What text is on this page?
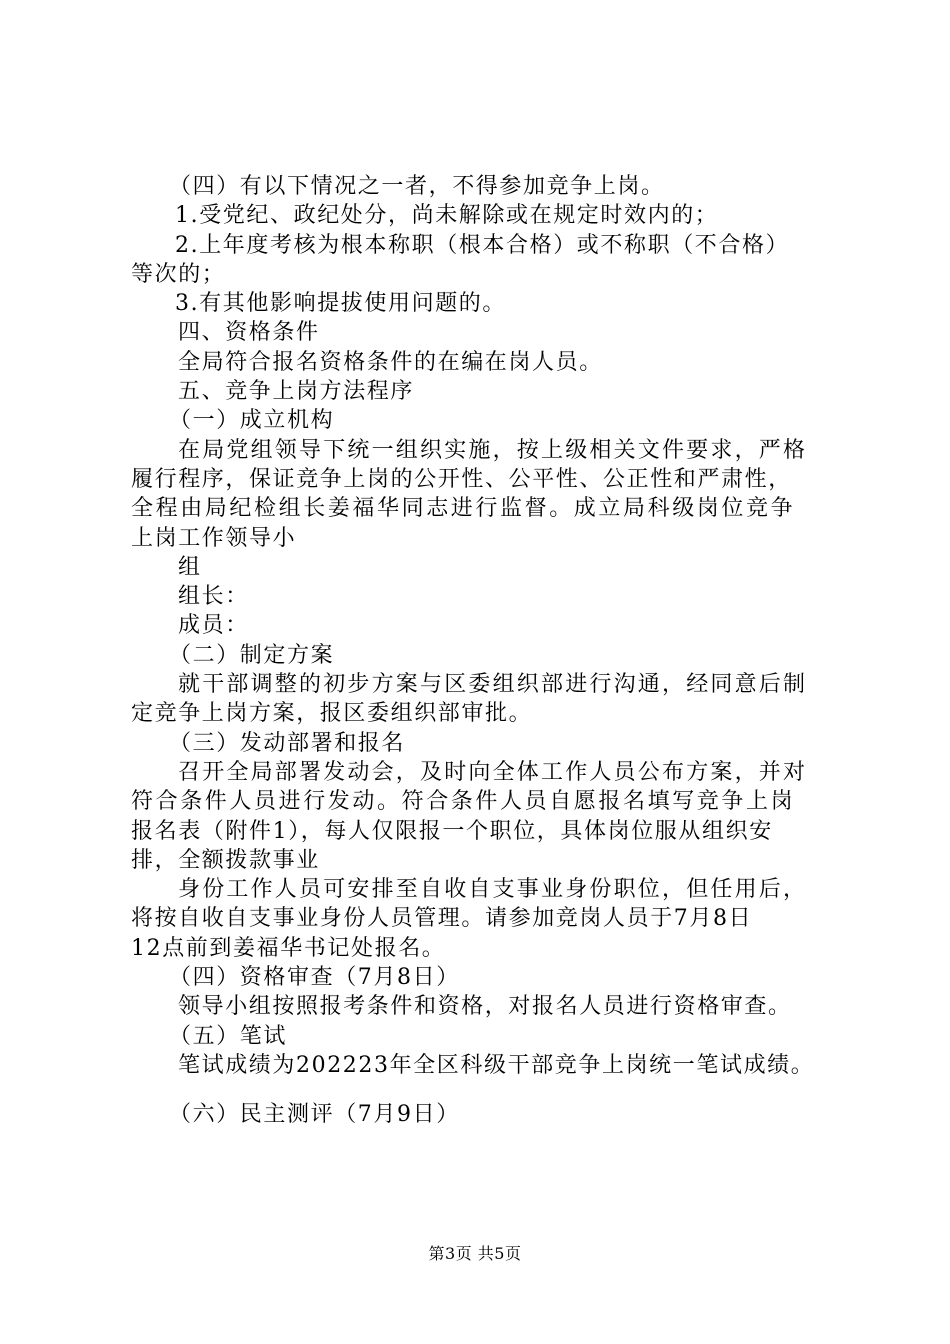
（四）有以下情况之一者，不得参加竞争上岗。
1.受党纪、政纪处分，尚未解除或在规定时效内的；
2.上年度考核为根本称职（根本合格）或不称职（不合格）
等次的；
3.有其他影响提拔使用问题的。
四、资格条件
全局符合报名资格条件的在编在岗人员。
五、竞争上岗方法程序
（一）成立机构
在局党组领导下统一组织实施，按上级相关文件要求，严格
履行程序，保证竞争上岗的公开性、公平性、公正性和严肃性，
全程由局纪检组长姜福华同志进行监督。成立局科级岗位竞争
上岗工作领导小
组
组长：
成员：
（二）制定方案
就干部调整的初步方案与区委组织部进行沟通，经同意后制
定竞争上岗方案，报区委组织部审批。
（三）发动部署和报名
召开全局部署发动会，及时向全体工作人员公布方案，并对
符合条件人员进行发动。符合条件人员自愿报名填写竞争上岗
报名表（附件1），每人仅限报一个职位，具体岗位服从组织安
排，全额拨款事业
身份工作人员可安排至自收自支事业身份职位，但任用后，
将按自收自支事业身份人员管理。请参加竞岗人员于7月8日
12点前到姜福华书记处报名。
（四）资格审查（7月8日）
领导小组按照报考条件和资格，对报名人员进行资格审查。
（五）笔试
笔试成绩为202223年全区科级干部竞争上岗统一笔试成绩。
（六）民主测评（7月9日）
第3页 共5页
